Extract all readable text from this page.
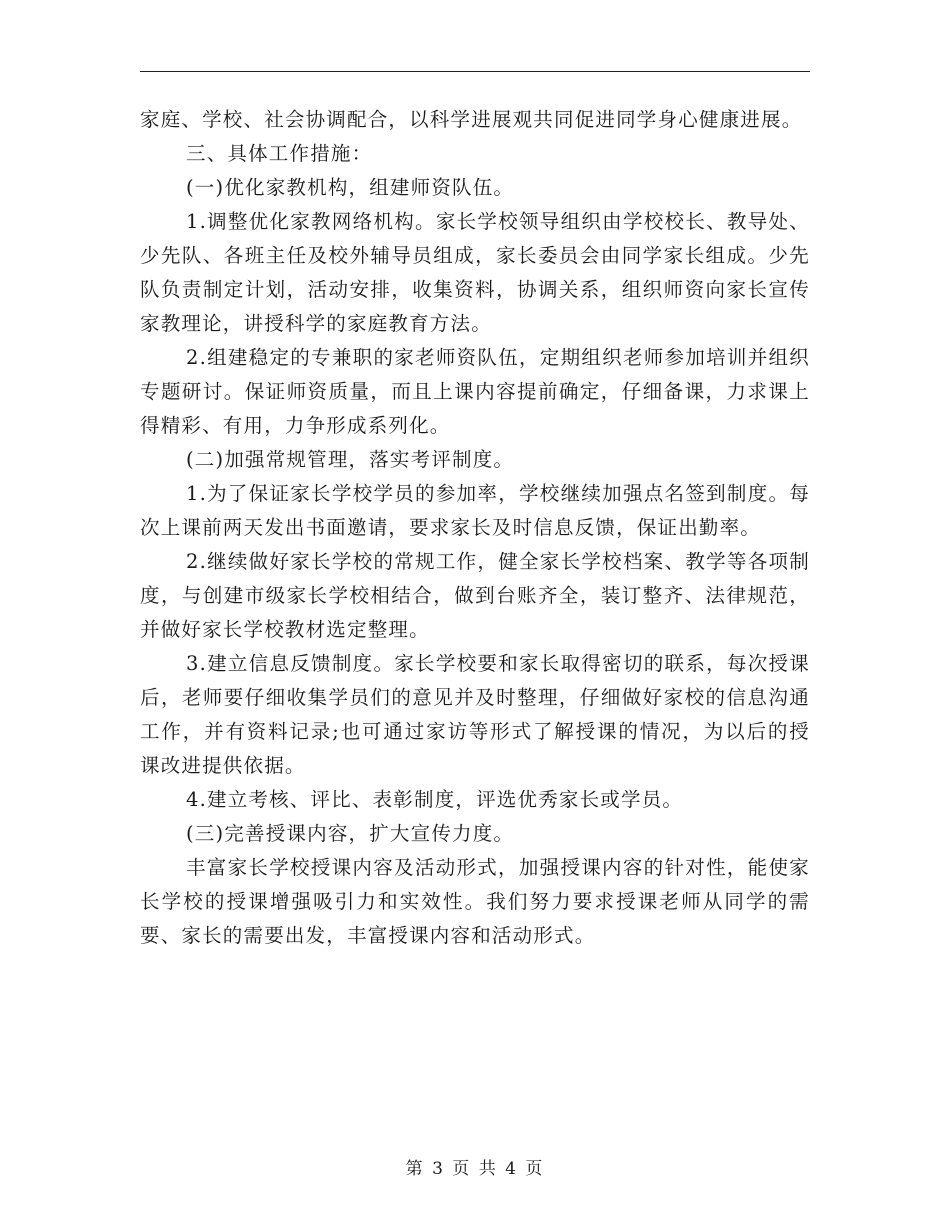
家庭、学校、社会协调配合，以科学进展观共同促进同学身心健康进展。

三、具体工作措施：

(一)优化家教机构，组建师资队伍。

1.调整优化家教网络机构。家长学校领导组织由学校校长、教导处、少先队、各班主任及校外辅导员组成，家长委员会由同学家长组成。少先队负责制定计划，活动安排，收集资料，协调关系，组织师资向家长宣传家教理论，讲授科学的家庭教育方法。

2.组建稳定的专兼职的家老师资队伍，定期组织老师参加培训并组织专题研讨。保证师资质量，而且上课内容提前确定，仔细备课，力求课上得精彩、有用，力争形成系列化。

(二)加强常规管理，落实考评制度。

1.为了保证家长学校学员的参加率，学校继续加强点名签到制度。每次上课前两天发出书面邀请，要求家长及时信息反馈，保证出勤率。

2.继续做好家长学校的常规工作，健全家长学校档案、教学等各项制度，与创建市级家长学校相结合，做到台账齐全，装订整齐、法律规范，并做好家长学校教材选定整理。

3.建立信息反馈制度。家长学校要和家长取得密切的联系，每次授课后，老师要仔细收集学员们的意见并及时整理，仔细做好家校的信息沟通工作，并有资料记录;也可通过家访等形式了解授课的情况，为以后的授课改进提供依据。

4.建立考核、评比、表彰制度，评选优秀家长或学员。

(三)完善授课内容，扩大宣传力度。

丰富家长学校授课内容及活动形式，加强授课内容的针对性，能使家长学校的授课增强吸引力和实效性。我们努力要求授课老师从同学的需要、家长的需要出发，丰富授课内容和活动形式。

第 3 页 共 4 页
